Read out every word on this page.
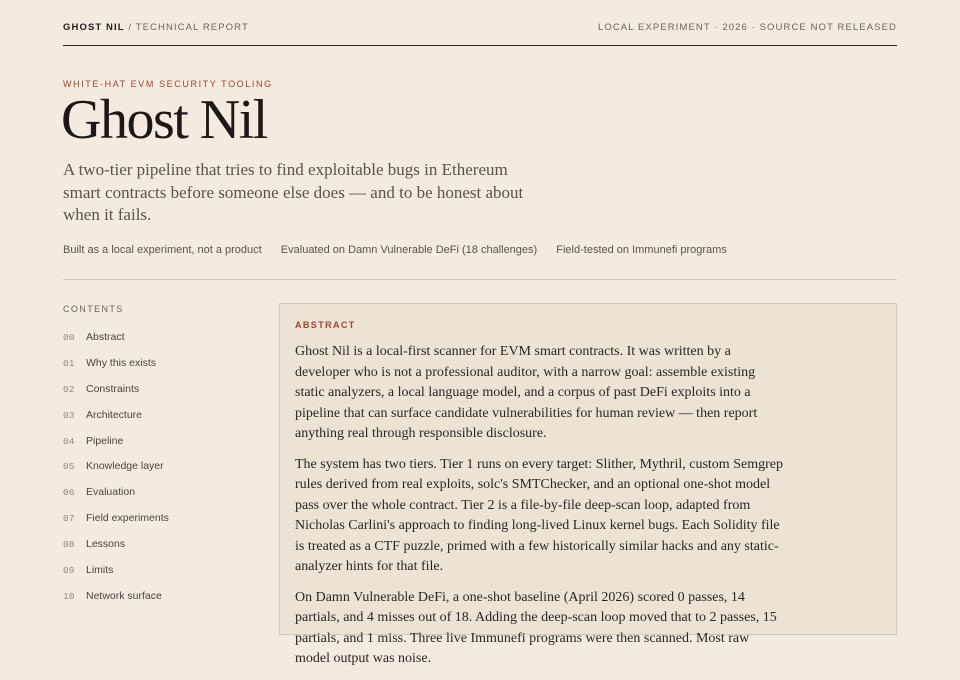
GHOST NIL / TECHNICAL REPORT	LOCAL EXPERIMENT · 2026 · SOURCE NOT RELEASED
WHITE-HAT EVM SECURITY TOOLING
Ghost Nil

A two-tier pipeline that tries to find exploitable bugs in Ethereum smart contracts before someone else does — and to be honest about when it fails.

Built as a local experiment, not a product Evaluated on Damn Vulnerable DeFi (18 challenges) Field-tested on Immunefi programs
CONTENTS
00 Abstract
01 Why this exists
02 Constraints
03 Architecture
04 Pipeline
05 Knowledge layer
06 Evaluation
07 Field experiments
08 Lessons
09 Limits
10 Network surface
ABSTRACT

Ghost Nil is a local-first scanner for EVM smart contracts. It was written by a developer who is not a professional auditor, with a narrow goal: assemble existing static analyzers, a local language model, and a corpus of past DeFi exploits into a pipeline that can surface candidate vulnerabilities for human review — then report anything real through responsible disclosure.

The system has two tiers. Tier 1 runs on every target: Slither, Mythril, custom Semgrep rules derived from real exploits, solc's SMTChecker, and an optional one-shot model pass over the whole contract. Tier 2 is a file-by-file deep-scan loop, adapted from Nicholas Carlini's approach to finding long-lived Linux kernel bugs. Each Solidity file is treated as a CTF puzzle, primed with a few historically similar hacks and any static-analyzer hints for that file.

On Damn Vulnerable DeFi, a one-shot baseline (April 2026) scored 0 passes, 14 partials, and 4 misses out of 18. Adding the deep-scan loop moved that to 2 passes, 15 partials, and 1 miss. Three live Immunefi programs were then scanned. Most raw model output was noise.
